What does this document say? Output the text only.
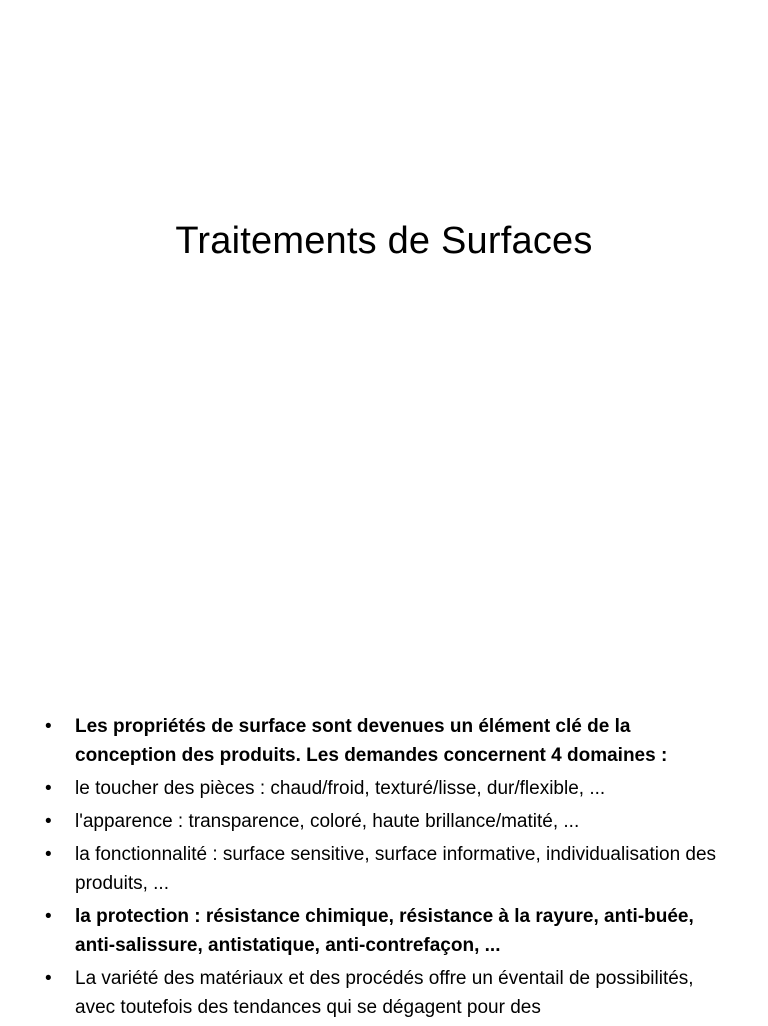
Traitements de Surfaces
• Les propriétés de surface sont devenues un élément clé de la conception des produits. Les demandes concernent 4 domaines :
• le toucher des pièces : chaud/froid, texturé/lisse, dur/flexible, ...
• l'apparence : transparence, coloré, haute brillance/matité, ...
• la fonctionnalité : surface sensitive, surface informative, individualisation des produits, ...
• la protection : résistance chimique, résistance à la rayure, anti-buée, anti-salissure, antistatique, anti-contrefaçon, ...
• La variété des matériaux et des procédés offre un éventail de possibilités, avec toutefois des tendances qui se dégagent pour des
